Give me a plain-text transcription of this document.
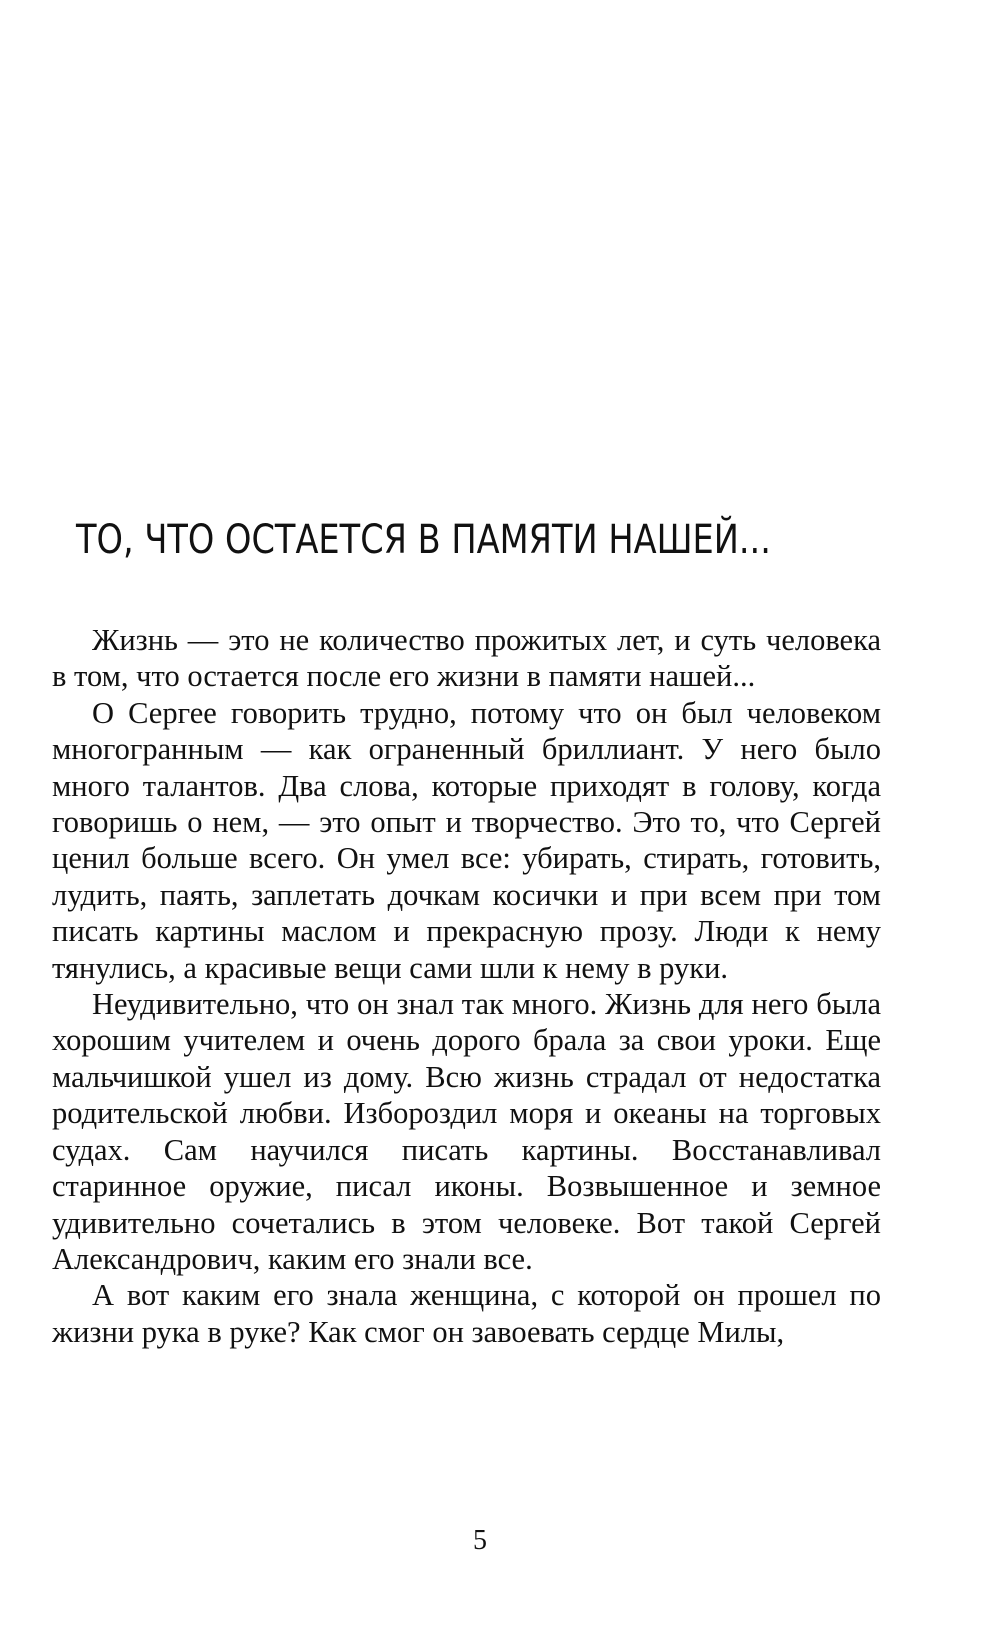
ТО, ЧТО ОСТАЕТСЯ В ПАМЯТИ НАШЕЙ...

Жизнь — это не количество прожитых лет, и суть человека в том, что остается после его жизни в памяти нашей...

О Сергее говорить трудно, потому что он был человеком многогранным — как ограненный бриллиант. У него было много талантов. Два слова, которые приходят в голову, когда говоришь о нем, — это опыт и творчество. Это то, что Сергей ценил больше всего. Он умел все: убирать, стирать, готовить, лудить, паять, заплетать дочкам косички и при всем при том писать картины маслом и прекрасную прозу. Люди к нему тянулись, а красивые вещи сами шли к нему в руки.

Неудивительно, что он знал так много. Жизнь для него была хорошим учителем и очень дорого брала за свои уроки. Еще мальчишкой ушел из дому. Всю жизнь страдал от недостатка родительской любви. Избороздил моря и океаны на торговых судах. Сам научился писать картины. Восстанавливал старинное оружие, писал иконы. Возвышенное и земное удивительно сочетались в этом человеке. Вот такой Сергей Александрович, каким его знали все.

А вот каким его знала женщина, с которой он прошел по жизни рука в руке? Как смог он завоевать сердце Милы,

5
